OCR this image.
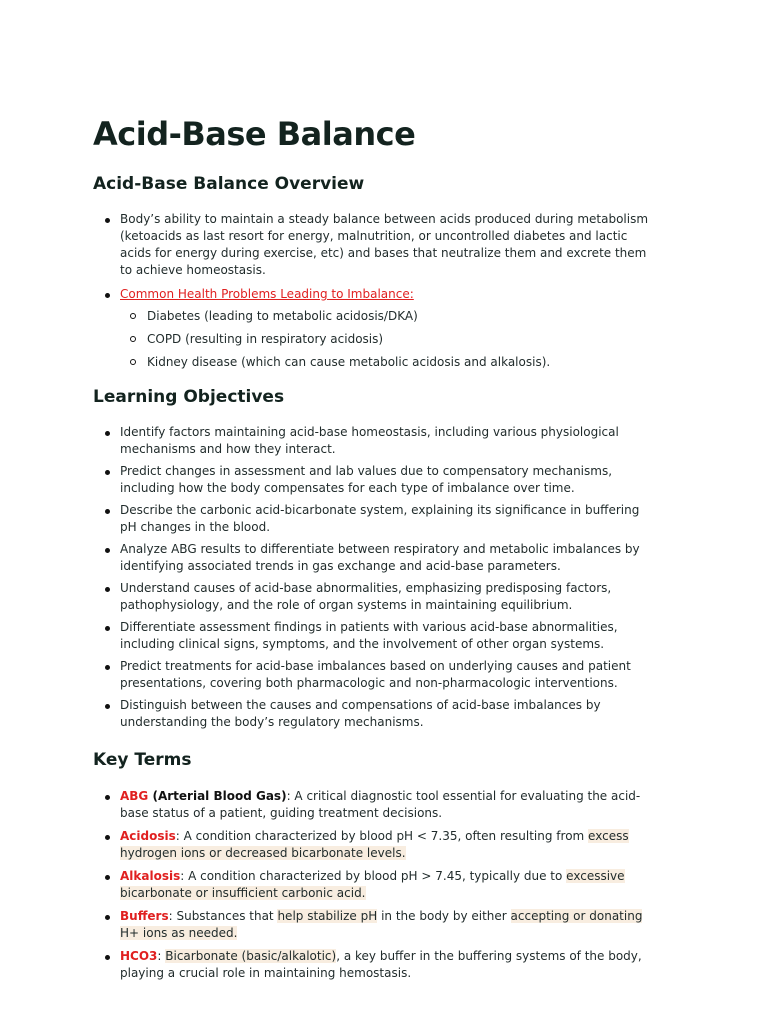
Acid-Base Balance
Acid-Base Balance Overview
Body’s ability to maintain a steady balance between acids produced during metabolism (ketoacids as last resort for energy, malnutrition, or uncontrolled diabetes and lactic acids for energy during exercise, etc) and bases that neutralize them and excrete them to achieve homeostasis.
Common Health Problems Leading to Imbalance:
Diabetes (leading to metabolic acidosis/DKA)
COPD (resulting in respiratory acidosis)
Kidney disease (which can cause metabolic acidosis and alkalosis).
Learning Objectives
Identify factors maintaining acid-base homeostasis, including various physiological mechanisms and how they interact.
Predict changes in assessment and lab values due to compensatory mechanisms, including how the body compensates for each type of imbalance over time.
Describe the carbonic acid-bicarbonate system, explaining its significance in buffering pH changes in the blood.
Analyze ABG results to differentiate between respiratory and metabolic imbalances by identifying associated trends in gas exchange and acid-base parameters.
Understand causes of acid-base abnormalities, emphasizing predisposing factors, pathophysiology, and the role of organ systems in maintaining equilibrium.
Differentiate assessment findings in patients with various acid-base abnormalities, including clinical signs, symptoms, and the involvement of other organ systems.
Predict treatments for acid-base imbalances based on underlying causes and patient presentations, covering both pharmacologic and non-pharmacologic interventions.
Distinguish between the causes and compensations of acid-base imbalances by understanding the body’s regulatory mechanisms.
Key Terms
ABG (Arterial Blood Gas): A critical diagnostic tool essential for evaluating the acid-base status of a patient, guiding treatment decisions.
Acidosis: A condition characterized by blood pH < 7.35, often resulting from excess hydrogen ions or decreased bicarbonate levels.
Alkalosis: A condition characterized by blood pH > 7.45, typically due to excessive bicarbonate or insufficient carbonic acid.
Buffers: Substances that help stabilize pH in the body by either accepting or donating H+ ions as needed.
HCO3: Bicarbonate (basic/alkalotic), a key buffer in the buffering systems of the body, playing a crucial role in maintaining hemostasis.
